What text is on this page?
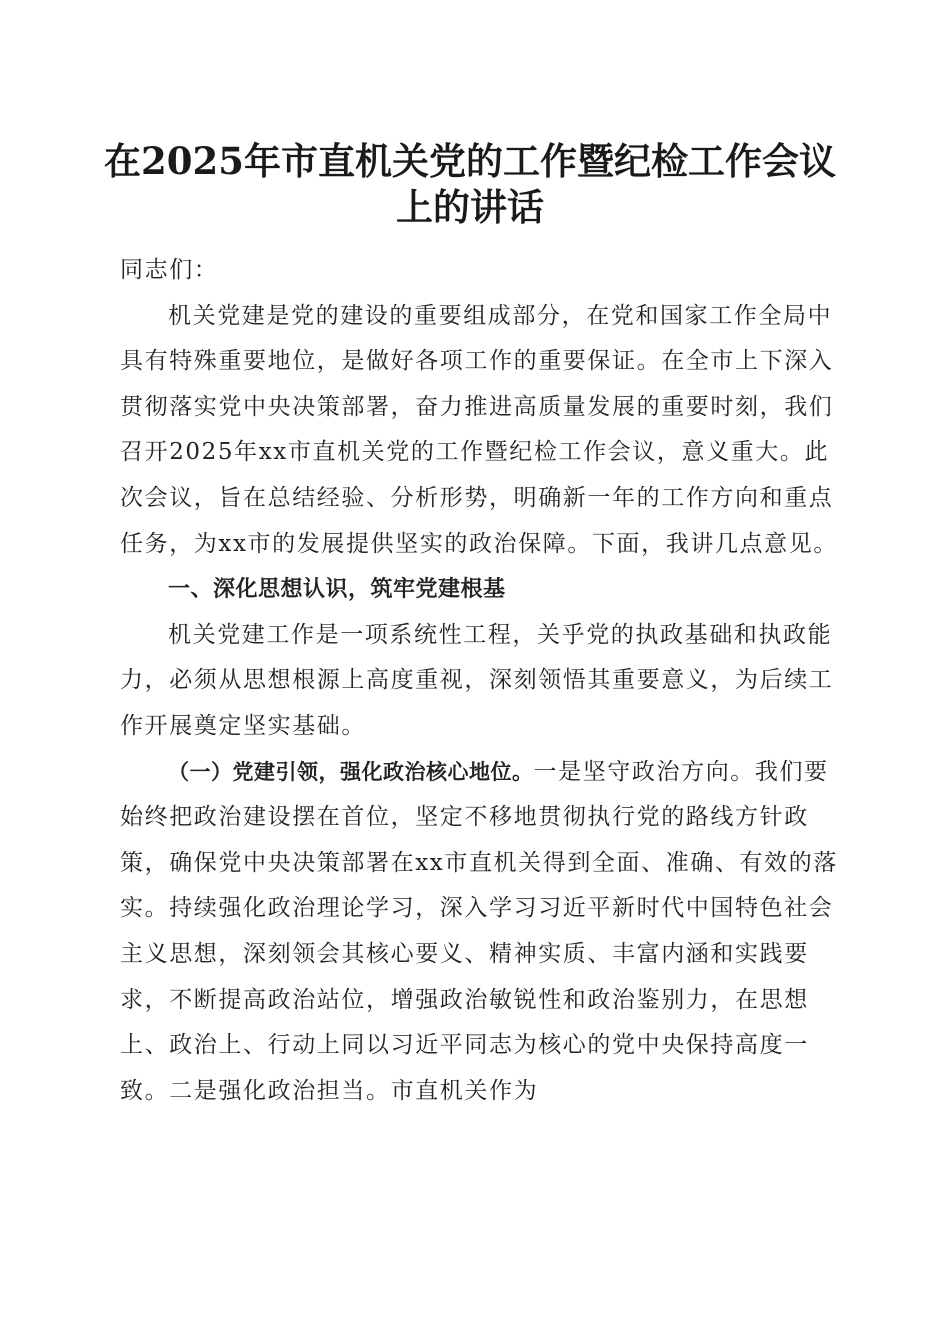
在2025年市直机关党的工作暨纪检工作会议
上的讲话

同志们：

机关党建是党的建设的重要组成部分，在党和国家工作全局中具有特殊重要地位，是做好各项工作的重要保证。在全市上下深入贯彻落实党中央决策部署，奋力推进高质量发展的重要时刻，我们召开2025年xx市直机关党的工作暨纪检工作会议，意义重大。此次会议，旨在总结经验、分析形势，明确新一年的工作方向和重点任务，为xx市的发展提供坚实的政治保障。下面，我讲几点意见。

一、深化思想认识，筑牢党建根基

机关党建工作是一项系统性工程，关乎党的执政基础和执政能力，必须从思想根源上高度重视，深刻领悟其重要意义，为后续工作开展奠定坚实基础。

（一）党建引领，强化政治核心地位。一是坚守政治方向。我们要始终把政治建设摆在首位，坚定不移地贯彻执行党的路线方针政策，确保党中央决策部署在xx市直机关得到全面、准确、有效的落实。持续强化政治理论学习，深入学习习近平新时代中国特色社会主义思想，深刻领会其核心要义、精神实质、丰富内涵和实践要求，不断提高政治站位，增强政治敏锐性和政治鉴别力，在思想上、政治上、行动上同以习近平同志为核心的党中央保持高度一致。二是强化政治担当。市直机关作为
